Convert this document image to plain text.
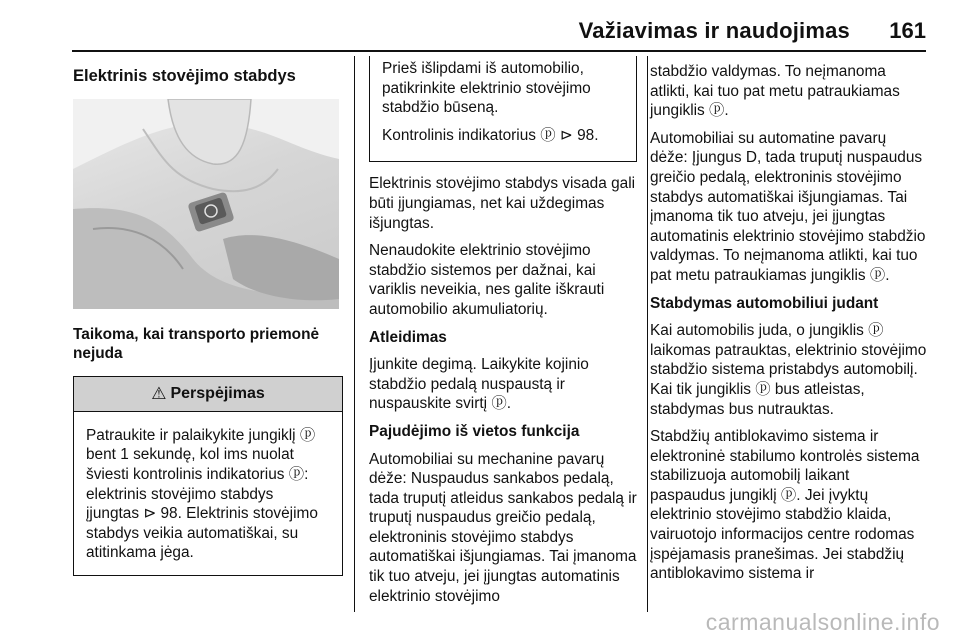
Važiavimas ir naudojimas 161
Elektrinis stovėjimo stabdys

Taikoma, kai transporto priemonė nejuda

⚠ Perspėjimas
Patraukite ir palaikykite jungiklį ⓟ bent 1 sekundę, kol ims nuolat šviesti kontrolinis indikatorius ⓟ: elektrinis stovėjimo stabdys įjungtas ⊳ 98. Elektrinis stovėjimo stabdys veikia automatiškai, su atitinkama jėga.

Prieš išlipdami iš automobilio, patikrinkite elektrinio stovėjimo stabdžio būseną.

Kontrolinis indikatorius ⓟ ⊳ 98.

Elektrinis stovėjimo stabdys visada gali būti įjungiamas, net kai uždegimas išjungtas.

Nenaudokite elektrinio stovėjimo stabdžio sistemos per dažnai, kai variklis neveikia, nes galite iškrauti automobilio akumuliatorių.

Atleidimas

Įjunkite degimą. Laikykite kojinio stabdžio pedalą nuspaustą ir nuspauskite svirtį ⓟ.

Pajudėjimo iš vietos funkcija

Automobiliai su mechanine pavarų dėže: Nuspaudus sankabos pedalą, tada truputį atleidus sankabos pedalą ir truputį nuspaudus greičio pedalą, elektroninis stovėjimo stabdys automatiškai išjungiamas. Tai įmanoma tik tuo atveju, jei įjungtas automatinis elektrinio stovėjimo

stabdžio valdymas. To neįmanoma atlikti, kai tuo pat metu patraukiamas jungiklis ⓟ.

Automobiliai su automatine pavarų dėže: Įjungus D, tada truputį nuspaudus greičio pedalą, elektroninis stovėjimo stabdys automatiškai išjungiamas. Tai įmanoma tik tuo atveju, jei įjungtas automatinis elektrinio stovėjimo stabdžio valdymas. To neįmanoma atlikti, kai tuo pat metu patraukiamas jungiklis ⓟ.

Stabdymas automobiliui judant

Kai automobilis juda, o jungiklis ⓟ laikomas patrauktas, elektrinio stovėjimo stabdžio sistema pristabdys automobilį. Kai tik jungiklis ⓟ bus atleistas, stabdymas bus nutrauktas.

Stabdžių antiblokavimo sistema ir elektroninė stabilumo kontrolės sistema stabilizuoja automobilį laikant paspaudus jungiklį ⓟ. Jei įvyktų elektrinio stovėjimo stabdžio klaida, vairuotojo informacijos centre rodomas įspėjamasis pranešimas. Jei stabdžių antiblokavimo sistema ir

carmanualsonline.info
